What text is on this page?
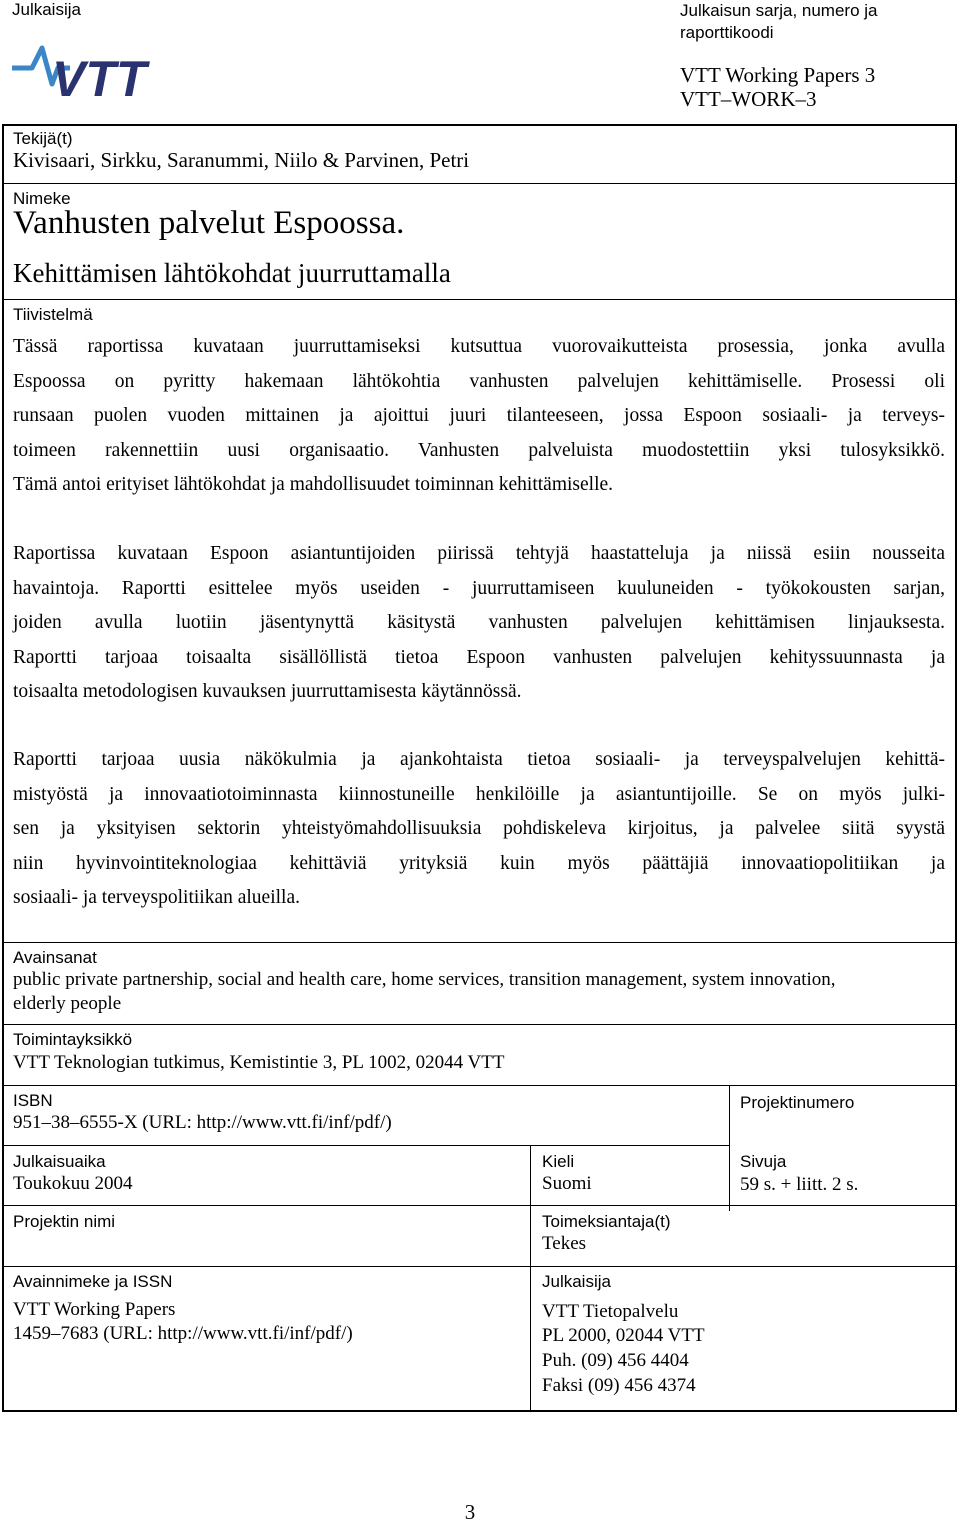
Julkaisija
VTT
Julkaisun sarja, numero ja
raporttikoodi
VTT Working Papers 3
VTT–WORK–3
Tekijä(t)
Kivisaari, Sirkku, Saranummi, Niilo & Parvinen, Petri
Nimeke
Vanhusten palvelut Espoossa.
Kehittämisen lähtökohdat juurruttamalla
Tiivistelmä
Tässä raportissa kuvataan juurruttamiseksi kutsuttua vuorovaikutteista prosessia, jonka avulla
Espoossa on pyritty hakemaan lähtökohtia vanhusten palvelujen kehittämiselle. Prosessi oli
runsaan puolen vuoden mittainen ja ajoittui juuri tilanteeseen, jossa Espoon sosiaali- ja terveys-
toimeen rakennettiin uusi organisaatio. Vanhusten palveluista muodostettiin yksi tulosyksikkö.
Tämä antoi erityiset lähtökohdat ja mahdollisuudet toiminnan kehittämiselle.
Raportissa kuvataan Espoon asiantuntijoiden piirissä tehtyjä haastatteluja ja niissä esiin nousseita
havaintoja. Raportti esittelee myös useiden - juurruttamiseen kuuluneiden - työkokousten sarjan,
joiden avulla luotiin jäsentynyttä käsitystä vanhusten palvelujen kehittämisen linjauksesta.
Raportti tarjoaa toisaalta sisällöllistä tietoa Espoon vanhusten palvelujen kehityssuunnasta ja
toisaalta metodologisen kuvauksen juurruttamisesta käytännössä.
Raportti tarjoaa uusia näkökulmia ja ajankohtaista tietoa sosiaali- ja terveyspalvelujen kehittä-
mistyöstä ja innovaatiotoiminnasta kiinnostuneille henkilöille ja asiantuntijoille. Se on myös julki-
sen ja yksityisen sektorin yhteistyömahdollisuuksia pohdiskeleva kirjoitus, ja palvelee siitä syystä
niin hyvinvointiteknologiaa kehittäviä yrityksiä kuin myös päättäjiä innovaatiopolitiikan ja
sosiaali- ja terveyspolitiikan alueilla.
Avainsanat
public private partnership, social and health care, home services, transition management, system innovation,
elderly people
Toimintayksikkö
VTT Teknologian tutkimus, Kemistintie 3, PL 1002, 02044 VTT
ISBN
951–38–6555-X (URL: http://www.vtt.fi/inf/pdf/)
Projektinumero
Julkaisuaika
Toukokuu 2004
Kieli
Suomi
Sivuja
59 s. + liitt. 2 s.
Projektin nimi	Toimeksiantaja(t)
Tekes
Avainnimeke ja ISSN
VTT Working Papers
1459–7683 (URL: http://www.vtt.fi/inf/pdf/)
Julkaisija
VTT Tietopalvelu
PL 2000, 02044 VTT
Puh. (09) 456 4404
Faksi (09) 456 4374
3
